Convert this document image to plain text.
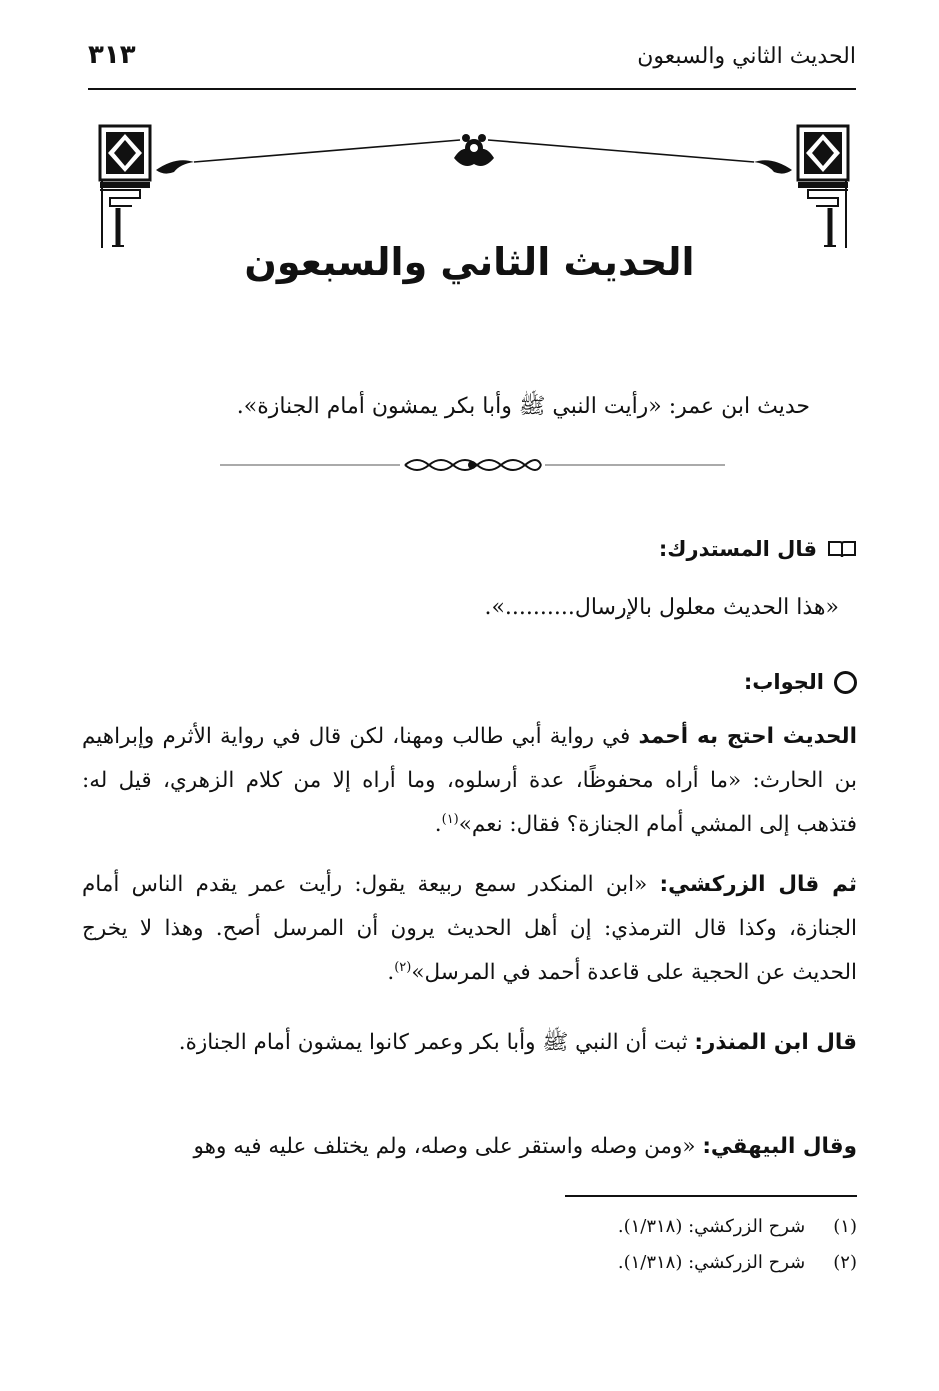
الحديث الثاني والسبعون
٣١٣
الحديث الثاني والسبعون
حديث ابن عمر: «رأيت النبي ﷺ وأبا بكر يمشون أمام الجنازة».
قال المستدرك:
«هذا الحديث معلول بالإرسال..........».
الجواب:
الحديث احتج به أحمد في رواية أبي طالب ومهنا، لكن قال في رواية الأثرم وإبراهيم بن الحارث: «ما أراه محفوظًا، عدة أرسلوه، وما أراه إلا من كلام الزهري، قيل له: فتذهب إلى المشي أمام الجنازة؟ فقال: نعم»$^{(١)}$.
ثم قال الزركشي: «ابن المنكدر سمع ربيعة يقول: رأيت عمر يقدم الناس أمام الجنازة، وكذا قال الترمذي: إن أهل الحديث يرون أن المرسل أصح. وهذا لا يخرج الحديث عن الحجية على قاعدة أحمد في المرسل»$^{(٢)}$.
قال ابن المنذر: ثبت أن النبي ﷺ وأبا بكر وعمر كانوا يمشون أمام الجنازة.
وقال البيهقي: «ومن وصله واستقر على وصله، ولم يختلف عليه فيه وهو
(١)
شرح الزركشي: (١/٣١٨).
(٢)
شرح الزركشي: (١/٣١٨).
